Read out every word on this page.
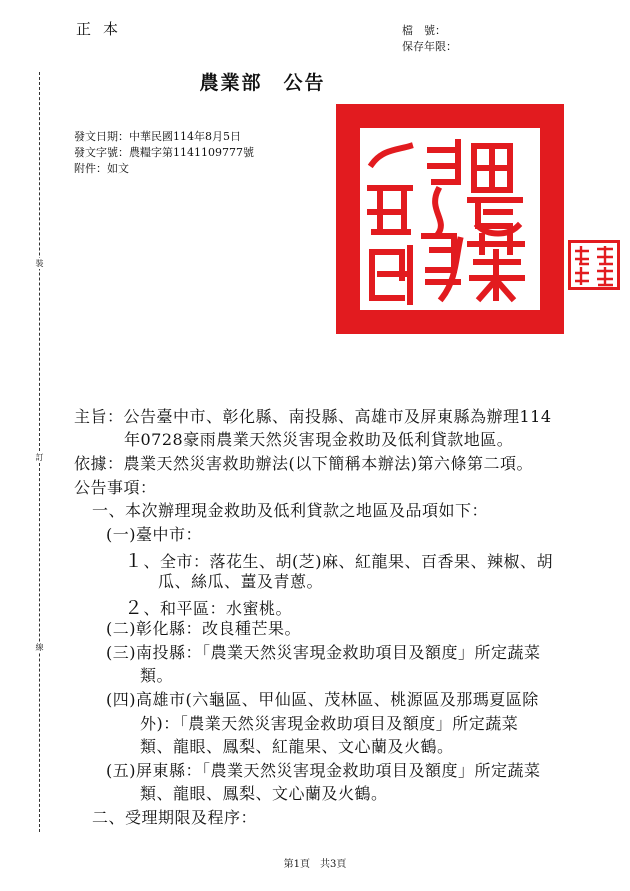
正本	檔　號：
保存年限：
農業部　公告
發文日期：中華民國114年8月5日
發文字號：農糧字第1141109777號
附件：如文
裝
訂
線
主旨：公告臺中市、彰化縣、南投縣、高雄市及屏東縣為辦理114
年0728豪雨農業天然災害現金救助及低利貸款地區。
依據：農業天然災害救助辦法(以下簡稱本辦法)第六條第二項。
公告事項：
一、本次辦理現金救助及低利貸款之地區及品項如下：
(一)臺中市：
１、全市：落花生、胡(芝)麻、紅龍果、百香果、辣椒、胡
瓜、絲瓜、薑及青蔥。
２、和平區：水蜜桃。
(二)彰化縣：改良種芒果。
(三)南投縣：「農業天然災害現金救助項目及額度」所定蔬菜
類。
(四)高雄市(六龜區、甲仙區、茂林區、桃源區及那瑪夏區除
外)：「農業天然災害現金救助項目及額度」所定蔬菜
類、龍眼、鳳梨、紅龍果、文心蘭及火鶴。
(五)屏東縣：「農業天然災害現金救助項目及額度」所定蔬菜
類、龍眼、鳳梨、文心蘭及火鶴。
二、受理期限及程序：
第1頁　共3頁
